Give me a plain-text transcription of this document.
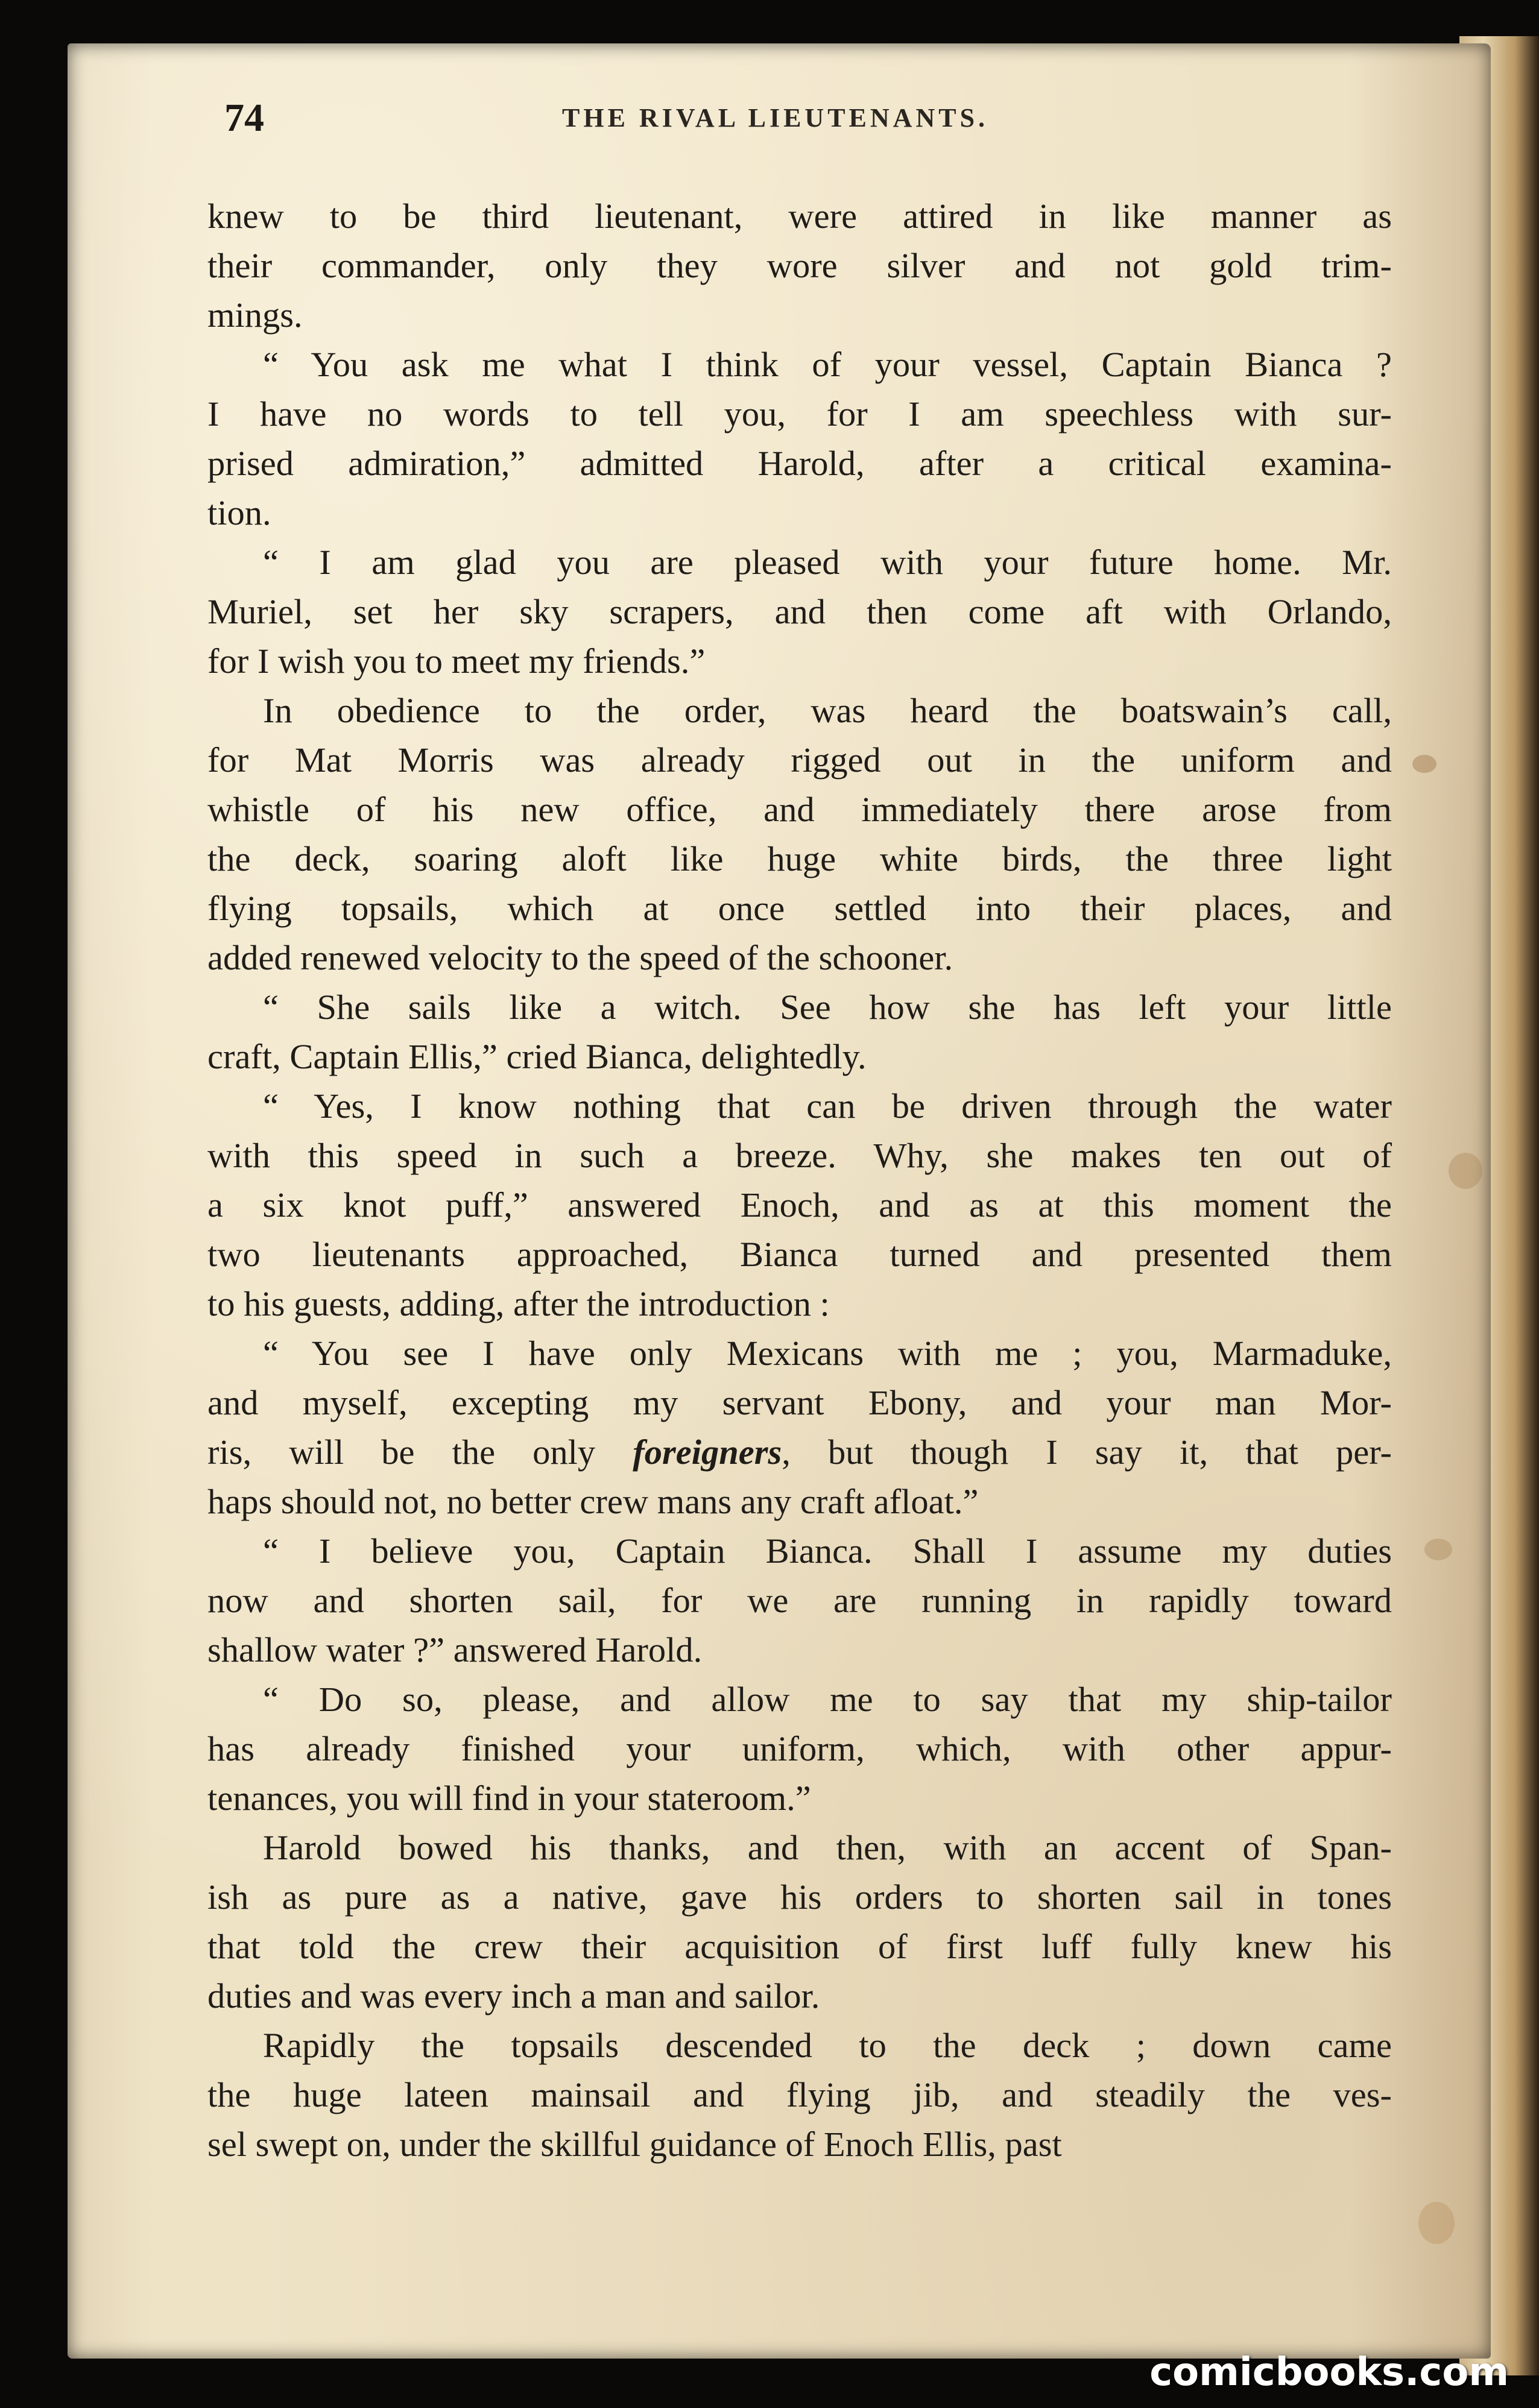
74	THE RIVAL LIEUTENANTS.
knew to be third lieutenant, were attired in like manner as
their commander, only they wore silver and not gold trim-
mings.
“ You ask me what I think of your vessel, Captain Bianca ?
I have no words to tell you, for I am speechless with sur-
prised admiration,” admitted Harold, after a critical examina-
tion.
“ I am glad you are pleased with your future home. Mr.
Muriel, set her sky scrapers, and then come aft with Orlando,
for I wish you to meet my friends.”
In obedience to the order, was heard the boatswain’s call,
for Mat Morris was already rigged out in the uniform and
whistle of his new office, and immediately there arose from
the deck, soaring aloft like huge white birds, the three light
flying topsails, which at once settled into their places, and
added renewed velocity to the speed of the schooner.
“ She sails like a witch. See how she has left your little
craft, Captain Ellis,” cried Bianca, delightedly.
“ Yes, I know nothing that can be driven through the water
with this speed in such a breeze. Why, she makes ten out of
a six knot puff,” answered Enoch, and as at this moment the
two lieutenants approached, Bianca turned and presented them
to his guests, adding, after the introduction :
“ You see I have only Mexicans with me ; you, Marmaduke,
and myself, excepting my servant Ebony, and your man Mor-
ris, will be the only foreigners, but though I say it, that per-
haps should not, no better crew mans any craft afloat.”
“ I believe you, Captain Bianca. Shall I assume my duties
now and shorten sail, for we are running in rapidly toward
shallow water ?” answered Harold.
“ Do so, please, and allow me to say that my ship-tailor
has already finished your uniform, which, with other appur-
tenances, you will find in your stateroom.”
Harold bowed his thanks, and then, with an accent of Span-
ish as pure as a native, gave his orders to shorten sail in tones
that told the crew their acquisition of first luff fully knew his
duties and was every inch a man and sailor.
Rapidly the topsails descended to the deck ; down came
the huge lateen mainsail and flying jib, and steadily the ves-
sel swept on, under the skillful guidance of Enoch Ellis, past
comicbooks.com
